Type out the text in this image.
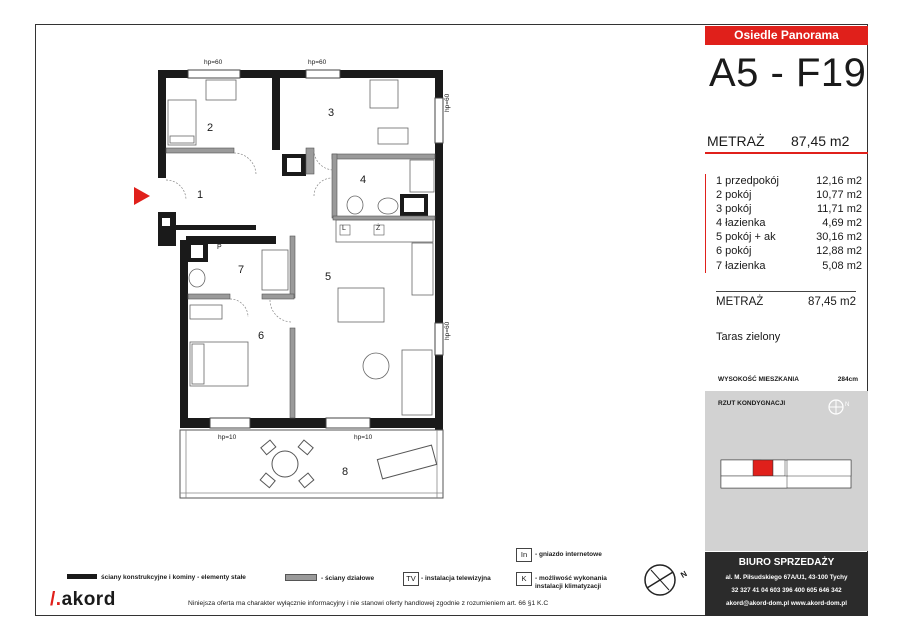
2
3
4
1
7
5
6
8
hp=60	hp=60
hp=60
hp=60
hp=10	hp=10
L	Ż
P
Osiedle Panorama
A5 - F19
METRAŻ 87,45 m2
1 przedpokój	12,16 m2
2 pokój	10,77 m2
3 pokój	11,71 m2
4 łazienka	4,69 m2
5 pokój + ak	30,16 m2
6 pokój	12,88 m2
7 łazienka	5,08 m2
METRAŻ	87,45 m2
Taras zielony
WYSOKOŚĆ MIESZKANIA	284cm
RZUT KONDYGNACJI	N
BIURO SPRZEDAŻY
al. M. Piłsudskiego 67A/U1, 43-100 Tychy
32 327 41 04 603 396 400 605 646 342
akord@akord-dom.pl www.akord-dom.pl
ściany konstrukcyjne i kominy - elementy stałe	- ściany działowe	TV - instalacja telewizyjna
In	- gniazdo internetowe
K	- możliwość wykonania
instalacji klimatyzacji
N
/.akord	Niniejsza oferta ma charakter wyłącznie informacyjny i nie stanowi oferty handlowej zgodnie z rozumieniem art. 66 §1 K.C
